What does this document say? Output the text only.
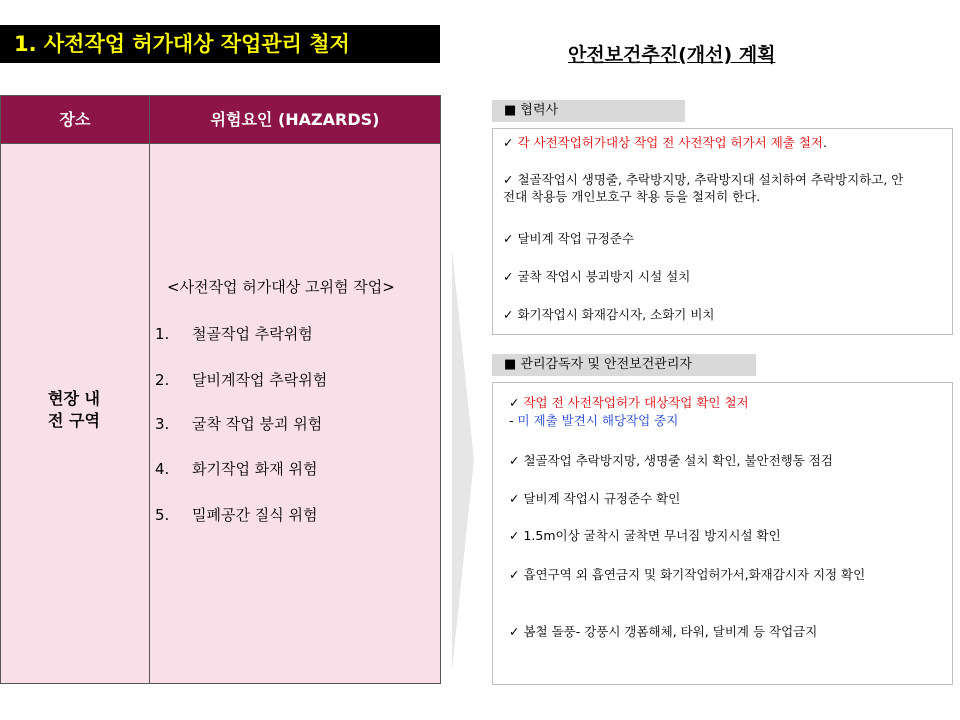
1. 사전작업 허가대상 작업관리 철저	안전보건추진(개선) 계획
장소	위험요인 (HAZARDS)
현장 내
전 구역
<사전작업 허가대상 고위험 작업>
1. 철골작업 추락위험
2. 달비계작업 추락위험
3. 굴착 작업 붕괴 위험
4. 화기작업 화재 위험
5. 밀폐공간 질식 위험
■ 협력사
✓ 각 사전작업허가대상 작업 전 사전작업 허가서 제출 철저.
✓ 철골작업시 생명줄, 추락방지망, 추락방지대 설치하여 추락방지하고, 안전대 착용등 개인보호구 착용 등을 철저히 한다.
✓ 달비계 작업 규정준수
✓ 굴착 작업시 붕괴방지 시설 설치
✓ 화기작업시 화재감시자, 소화기 비치
■ 관리감독자 및 안전보건관리자
✓ 작업 전 사전작업허가 대상작업 확인 철저
- 미 제출 발견시 해당작업 중지
✓ 철골작업 추락방지망, 생명줄 설치 확인, 불안전행동 점검
✓ 달비계 작업시 규정준수 확인
✓ 1.5m이상 굴착시 굴착면 무너짐 방지시설 확인
✓ 흡연구역 외 흡연금지 및 화기작업허가서,화재감시자 지정 확인
✓ 봄철 돌풍- 강풍시 갱폼해체, 타워, 달비계 등 작업금지
